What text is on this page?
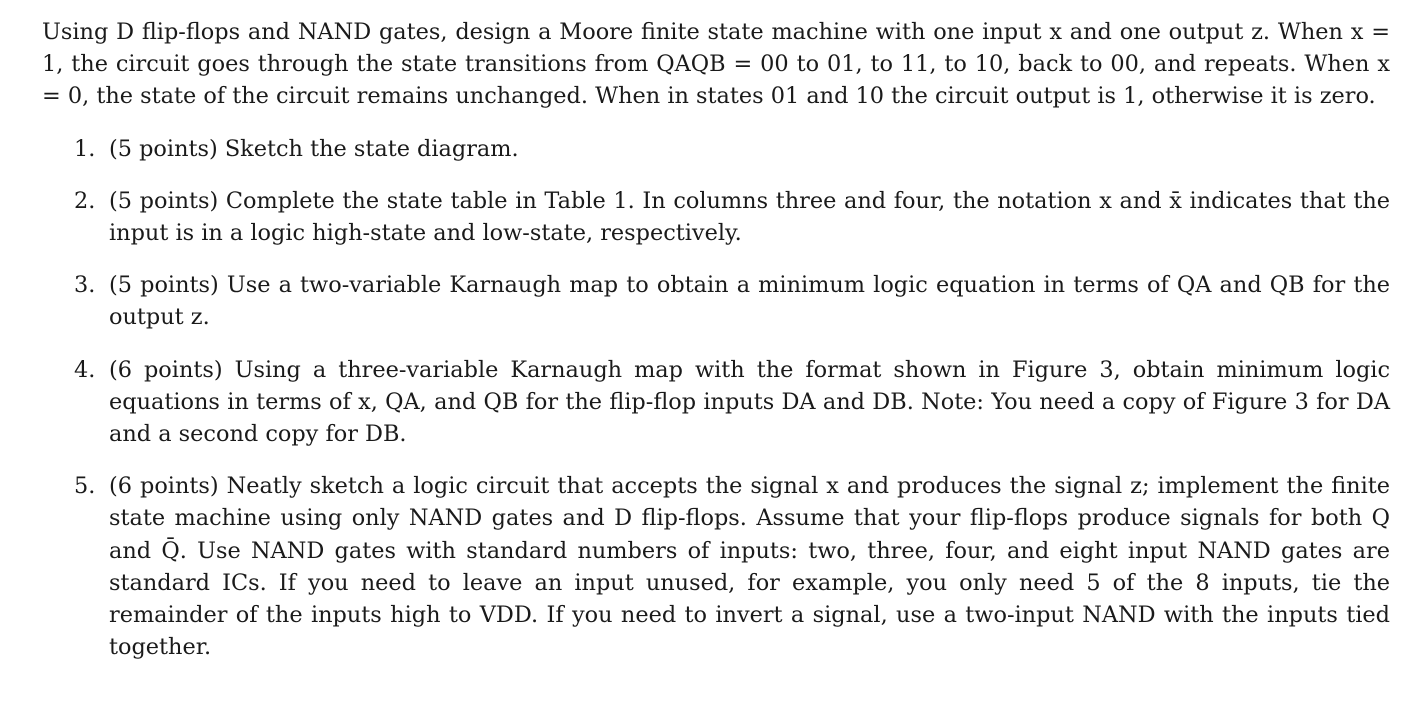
Using D flip-flops and NAND gates, design a Moore finite state machine with one input x and one output z. When x = 1, the circuit goes through the state transitions from QAQB = 00 to 01, to 11, to 10, back to 00, and repeats. When x = 0, the state of the circuit remains unchanged. When in states 01 and 10 the circuit output is 1, otherwise it is zero.

1. (5 points) Sketch the state diagram.
2. (5 points) Complete the state table in Table 1. In columns three and four, the notation x and x̄ indicates that the input is in a logic high-state and low-state, respectively.
3. (5 points) Use a two-variable Karnaugh map to obtain a minimum logic equation in terms of QA and QB for the output z.
4. (6 points) Using a three-variable Karnaugh map with the format shown in Figure 3, obtain minimum logic equations in terms of x, QA, and QB for the flip-flop inputs DA and DB. Note: You need a copy of Figure 3 for DA and a second copy for DB.
5. (6 points) Neatly sketch a logic circuit that accepts the signal x and produces the signal z; implement the finite state machine using only NAND gates and D flip-flops. Assume that your flip-flops produce signals for both Q and Q̄. Use NAND gates with standard numbers of inputs: two, three, four, and eight input NAND gates are standard ICs. If you need to leave an input unused, for example, you only need 5 of the 8 inputs, tie the remainder of the inputs high to VDD. If you need to invert a signal, use a two-input NAND with the inputs tied together.
